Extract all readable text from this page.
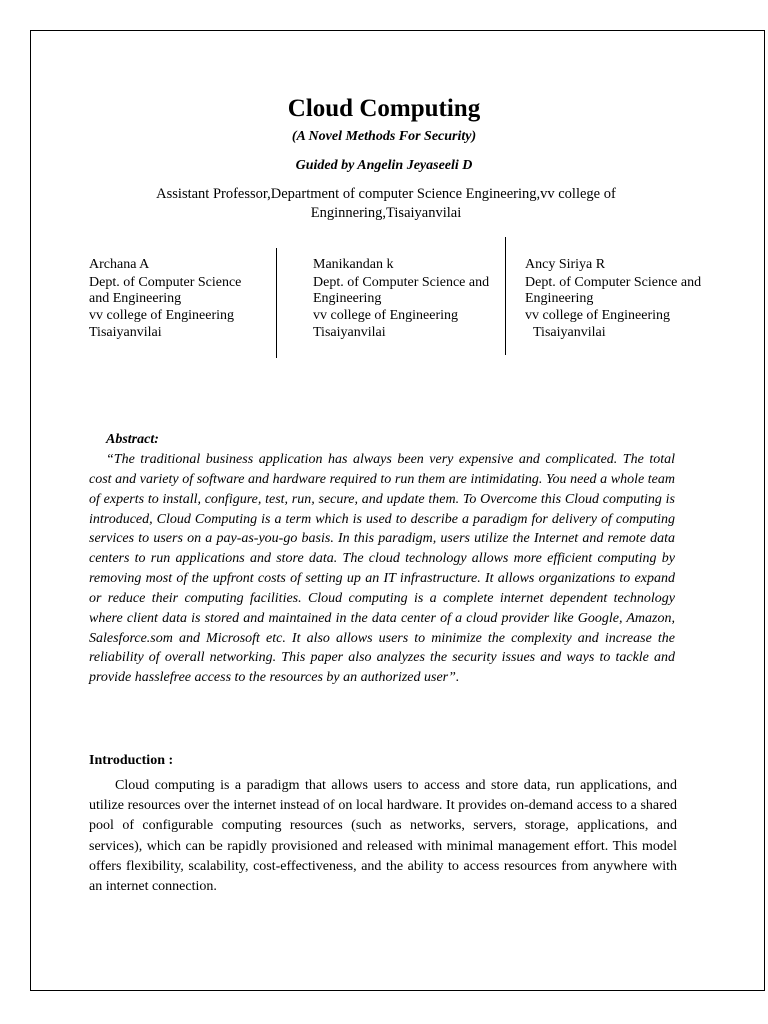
Cloud Computing
(A Novel Methods For Security)
Guided by Angelin Jeyaseeli D
Assistant Professor,Department of computer Science Engineering,vv college of Enginnering,Tisaiyanvilai
Archana A
Dept. of Computer Science and Engineering
vv college of Engineering
Tisaiyanvilai
Manikandan k
Dept. of Computer Science and Engineering
vv college of Engineering
Tisaiyanvilai
Ancy Siriya R
Dept. of Computer Science and Engineering
vv college of Engineering
Tisaiyanvilai
Abstract:

“The traditional business application has always been very expensive and complicated. The total cost and variety of software and hardware required to run them are intimidating. You need a whole team of experts to install, configure, test, run, secure, and update them. To Overcome this Cloud computing is introduced, Cloud Computing is a term which is used to describe a paradigm for delivery of computing services to users on a pay-as-you-go basis. In this paradigm, users utilize the Internet and remote data centers to run applications and store data. The cloud technology allows more efficient computing by removing most of the upfront costs of setting up an IT infrastructure. It allows organizations to expand or reduce their computing facilities. Cloud computing is a complete internet dependent technology where client data is stored and maintained in the data center of a cloud provider like Google, Amazon, Salesforce.som and Microsoft etc. It also allows users to minimize the complexity and increase the reliability of overall networking. This paper also analyzes the security issues and ways to tackle and provide hasslefree access to the resources by an authorized user”.

Introduction :

Cloud computing is a paradigm that allows users to access and store data, run applications, and utilize resources over the internet instead of on local hardware. It provides on-demand access to a shared pool of configurable computing resources (such as networks, servers, storage, applications, and services), which can be rapidly provisioned and released with minimal management effort. This model offers flexibility, scalability, cost-effectiveness, and the ability to access resources from anywhere with an internet connection.
